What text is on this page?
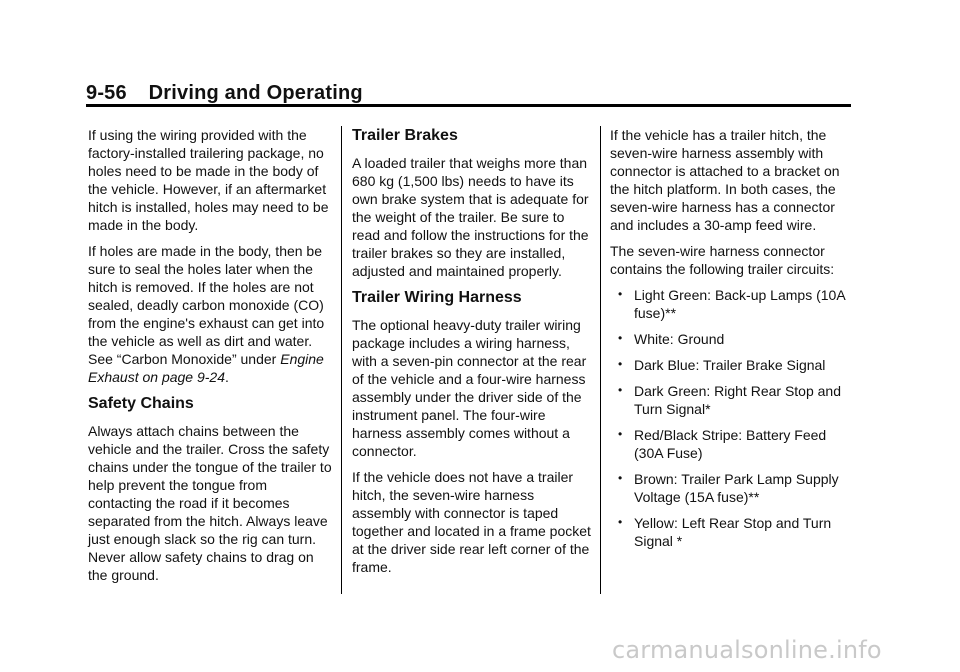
9-56 Driving and Operating

If using the wiring provided with the factory-installed trailering package, no holes need to be made in the body of the vehicle. However, if an aftermarket hitch is installed, holes may need to be made in the body.

If holes are made in the body, then be sure to seal the holes later when the hitch is removed. If the holes are not sealed, deadly carbon monoxide (CO) from the engine's exhaust can get into the vehicle as well as dirt and water. See “Carbon Monoxide” under Engine Exhaust on page 9-24.

Safety Chains

Always attach chains between the vehicle and the trailer. Cross the safety chains under the tongue of the trailer to help prevent the tongue from contacting the road if it becomes separated from the hitch. Always leave just enough slack so the rig can turn. Never allow safety chains to drag on the ground.

Trailer Brakes

A loaded trailer that weighs more than 680 kg (1,500 lbs) needs to have its own brake system that is adequate for the weight of the trailer. Be sure to read and follow the instructions for the trailer brakes so they are installed, adjusted and maintained properly.

Trailer Wiring Harness

The optional heavy-duty trailer wiring package includes a wiring harness, with a seven-pin connector at the rear of the vehicle and a four-wire harness assembly under the driver side of the instrument panel. The four-wire harness assembly comes without a connector.

If the vehicle does not have a trailer hitch, the seven-wire harness assembly with connector is taped together and located in a frame pocket at the driver side rear left corner of the frame.

If the vehicle has a trailer hitch, the seven-wire harness assembly with connector is attached to a bracket on the hitch platform. In both cases, the seven-wire harness has a connector and includes a 30-amp feed wire.

The seven-wire harness connector contains the following trailer circuits:

• Light Green: Back-up Lamps (10A fuse)**
• White: Ground
• Dark Blue: Trailer Brake Signal
• Dark Green: Right Rear Stop and Turn Signal*
• Red/Black Stripe: Battery Feed (30A Fuse)
• Brown: Trailer Park Lamp Supply Voltage (15A fuse)**
• Yellow: Left Rear Stop and Turn Signal *
carmanualsonline.info
